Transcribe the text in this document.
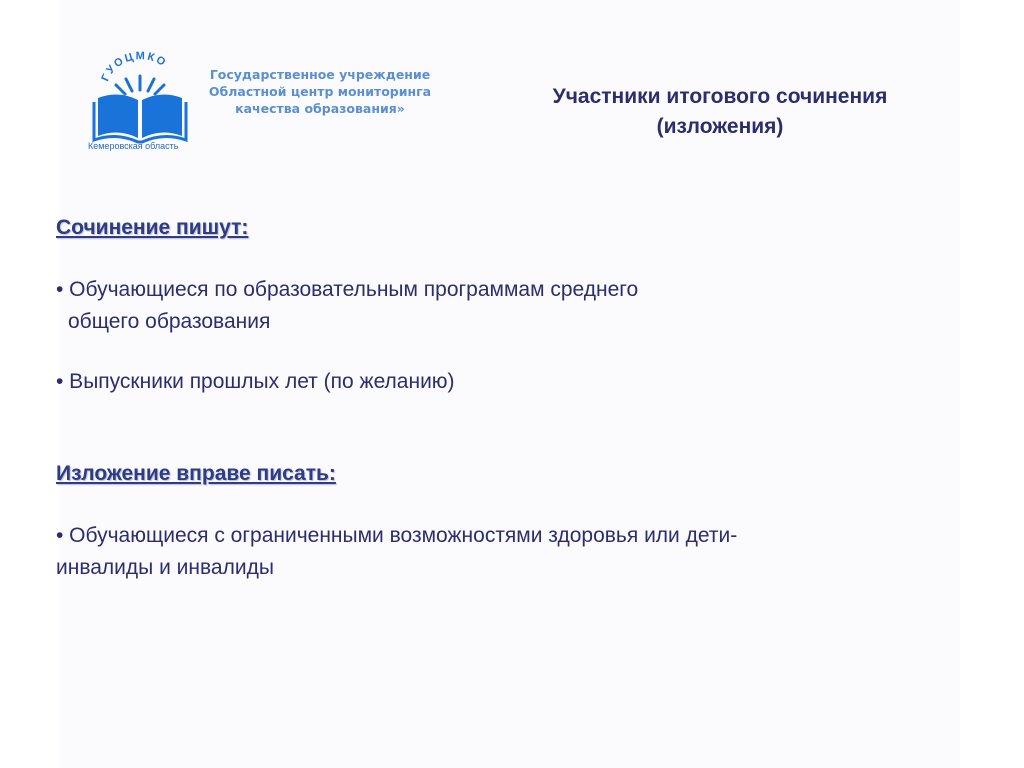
ГУОЦМКО
Кемеровская область
Государственное учреждение
Областной центр мониторинга
качества образования»
Участники итогового сочинения
(изложения)
Сочинение пишут:
• Обучающиеся по образовательным программам среднего
общего образования
• Выпускники прошлых лет (по желанию)
Изложение вправе писать:
• Обучающиеся с ограниченными возможностями здоровья или дети-
инвалиды и инвалиды
